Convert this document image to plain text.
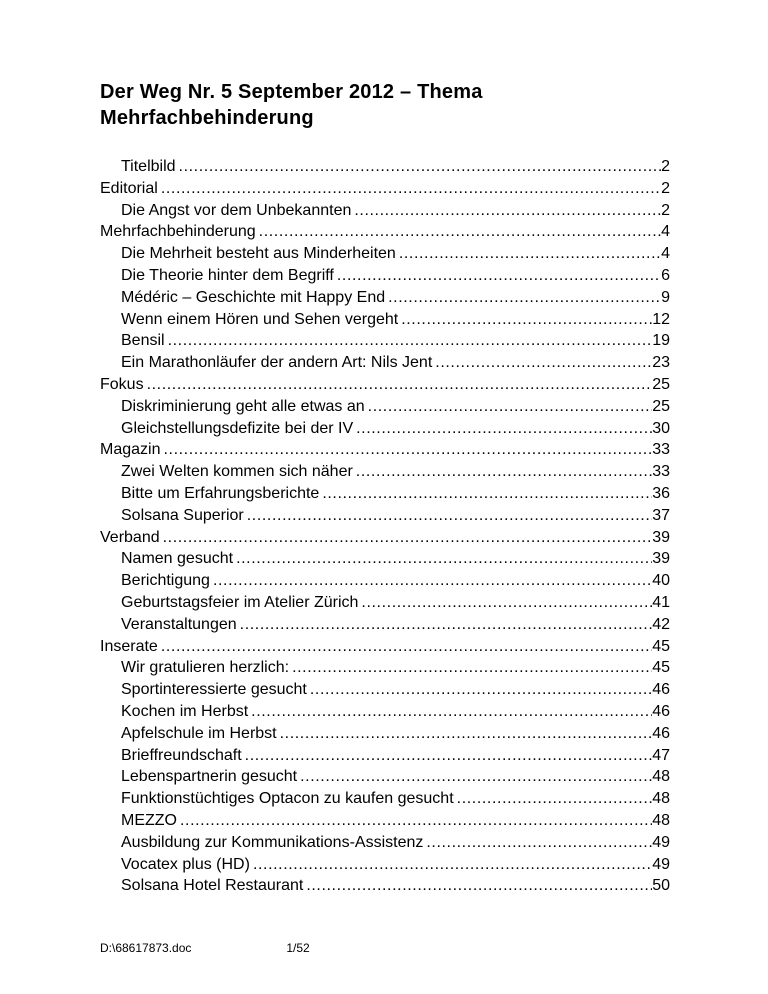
Der Weg Nr. 5 September 2012 – Thema
Mehrfachbehinderung
Titelbild .....	2
Editorial .....	2
Die Angst vor dem Unbekannten .....	2
Mehrfachbehinderung .....	4
Die Mehrheit besteht aus Minderheiten .....	4
Die Theorie hinter dem Begriff .....	6
Médéric – Geschichte mit Happy End .....	9
Wenn einem Hören und Sehen vergeht .....	12
Bensil .....	19
Ein Marathonläufer der andern Art: Nils Jent .....	23
Fokus .....	25
Diskriminierung geht alle etwas an .....	25
Gleichstellungsdefizite bei der IV .....	30
Magazin .....	33
Zwei Welten kommen sich näher .....	33
Bitte um Erfahrungsberichte .....	36
Solsana Superior .....	37
Verband .....	39
Namen gesucht .....	39
Berichtigung .....	40
Geburtstagsfeier im Atelier Zürich .....	41
Veranstaltungen .....	42
Inserate .....	45
Wir gratulieren herzlich: .....	45
Sportinteressierte gesucht .....	46
Kochen im Herbst .....	46
Apfelschule im Herbst .....	46
Brieffreundschaft .....	47
Lebenspartnerin gesucht .....	48
Funktionstüchtiges Optacon zu kaufen gesucht .....	48
MEZZO .....	48
Ausbildung zur Kommunikations-Assistenz .....	49
Vocatex plus (HD) .....	49
Solsana Hotel Restaurant .....	50
D:\68617873.doc	1/52
